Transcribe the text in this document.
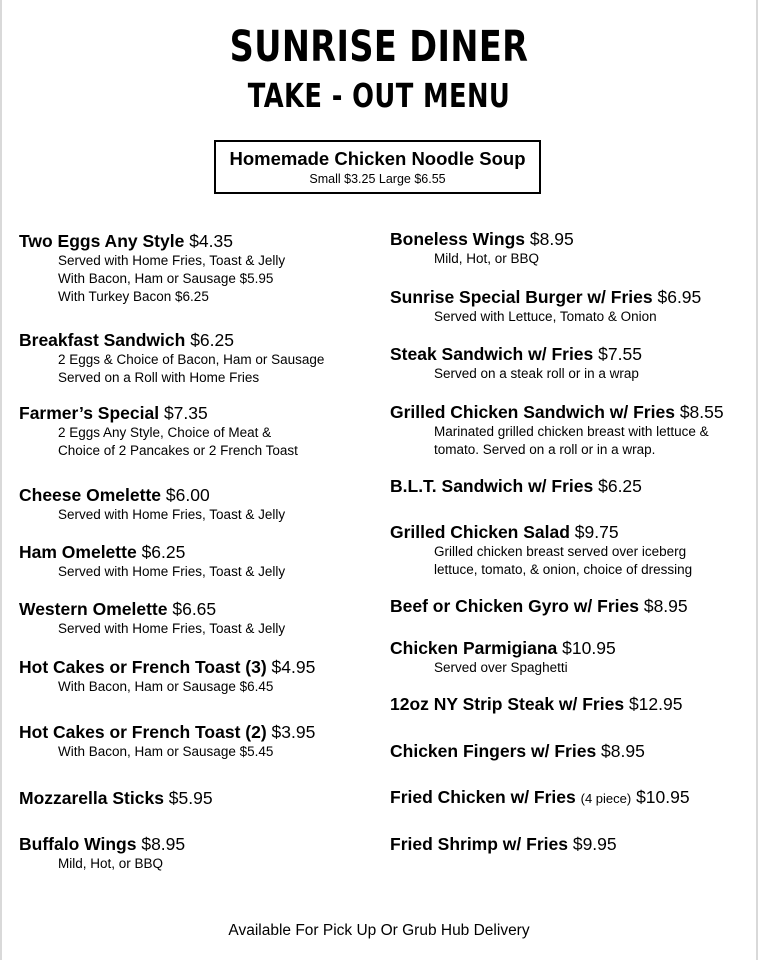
SUNRISE DINER
TAKE - OUT MENU
Homemade Chicken Noodle Soup
Small $3.25 Large $6.55
Two Eggs Any Style $4.35
Served with Home Fries, Toast & Jelly
With Bacon, Ham or Sausage $5.95
With Turkey Bacon $6.25
Breakfast Sandwich $6.25
2 Eggs & Choice of Bacon, Ham or Sausage
Served on a Roll with Home Fries
Farmer’s Special $7.35
2 Eggs Any Style, Choice of Meat &
Choice of 2 Pancakes or 2 French Toast
Cheese Omelette $6.00
Served with Home Fries, Toast & Jelly
Ham Omelette $6.25
Served with Home Fries, Toast & Jelly
Western Omelette $6.65
Served with Home Fries, Toast & Jelly
Hot Cakes or French Toast (3) $4.95
With Bacon, Ham or Sausage $6.45
Hot Cakes or French Toast (2) $3.95
With Bacon, Ham or Sausage $5.45
Mozzarella Sticks $5.95
Buffalo Wings $8.95
Mild, Hot, or BBQ
Boneless Wings $8.95
Mild, Hot, or BBQ
Sunrise Special Burger w/ Fries $6.95
Served with Lettuce, Tomato & Onion
Steak Sandwich w/ Fries $7.55
Served on a steak roll or in a wrap
Grilled Chicken Sandwich w/ Fries $8.55
Marinated grilled chicken breast with lettuce &
tomato. Served on a roll or in a wrap.
B.L.T. Sandwich w/ Fries $6.25
Grilled Chicken Salad $9.75
Grilled chicken breast served over iceberg
lettuce, tomato, & onion, choice of dressing
Beef or Chicken Gyro w/ Fries $8.95
Chicken Parmigiana $10.95
Served over Spaghetti
12oz NY Strip Steak w/ Fries $12.95
Chicken Fingers w/ Fries $8.95
Fried Chicken w/ Fries (4 piece) $10.95
Fried Shrimp w/ Fries $9.95
Available For Pick Up Or Grub Hub Delivery
